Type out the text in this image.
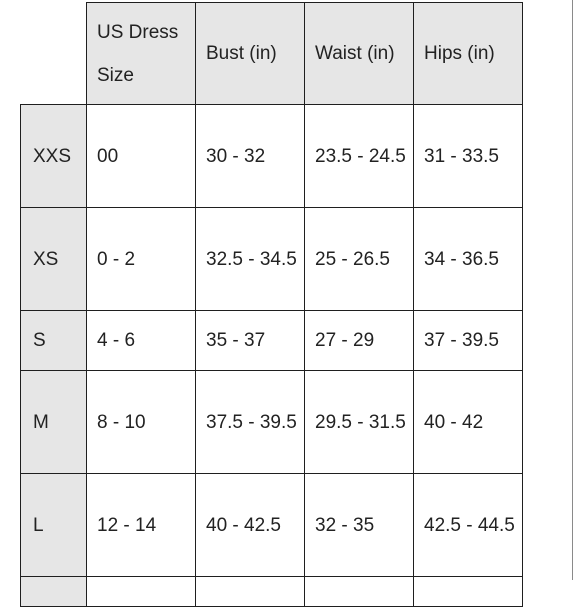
	US Dress Size	Bust (in)	Waist (in)	Hips (in)
XXS	00	30 - 32	23.5 - 24.5	31 - 33.5
XS	0 - 2	32.5 - 34.5	25 - 26.5	34 - 36.5
S	4 - 6	35 - 37	27 - 29	37 - 39.5
M	8 - 10	37.5 - 39.5	29.5 - 31.5	40 - 42
L	12 - 14	40 - 42.5	32 - 35	42.5 - 44.5
